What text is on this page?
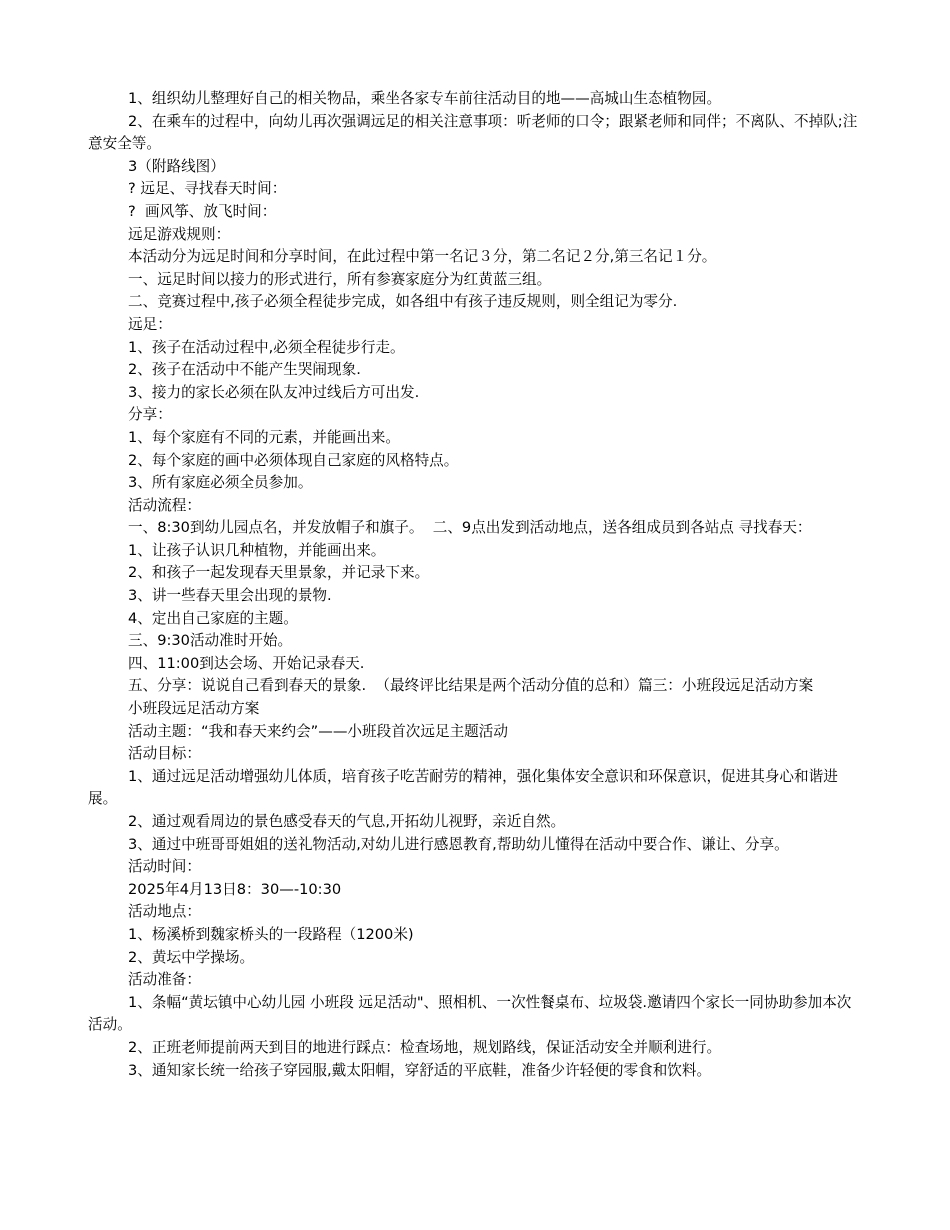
1、组织幼儿整理好自己的相关物品，乘坐各家专车前往活动目的地——高城山生态植物园。

2、在乘车的过程中，向幼儿再次强调远足的相关注意事项：听老师的口令；跟紧老师和同伴；不离队、不掉队;注意安全等。

3（附路线图）

? 远足、寻找春天时间：

?  画风筝、放飞时间：

远足游戏规则：

本活动分为远足时间和分享时间，在此过程中第一名记３分，第二名记２分,第三名记１分。

一、远足时间以接力的形式进行，所有参赛家庭分为红黄蓝三组。

二、竞赛过程中,孩子必须全程徒步完成，如各组中有孩子违反规则，则全组记为零分.

远足：

1、孩子在活动过程中,必须全程徒步行走。

2、孩子在活动中不能产生哭闹现象.

3、接力的家长必须在队友冲过线后方可出发.

分享：

1、每个家庭有不同的元素，并能画出来。

2、每个家庭的画中必须体现自己家庭的风格特点。

3、所有家庭必须全员参加。

活动流程：

一、8:30到幼儿园点名，并发放帽子和旗子。  二、9点出发到活动地点，送各组成员到各站点 寻找春天：

1、让孩子认识几种植物，并能画出来。

2、和孩子一起发现春天里景象，并记录下来。

3、讲一些春天里会出现的景物.

4、定出自己家庭的主题。

三、9:30活动准时开始。

四、11:00到达会场、开始记录春天.

五、分享：说说自己看到春天的景象.  （最终评比结果是两个活动分值的总和）篇三：小班段远足活动方案

小班段远足活动方案

活动主题：“我和春天来约会”——小班段首次远足主题活动

活动目标：

1、通过远足活动增强幼儿体质，培育孩子吃苦耐劳的精神，强化集体安全意识和环保意识，促进其身心和谐进展。

2、通过观看周边的景色感受春天的气息,开拓幼儿视野，亲近自然。

3、通过中班哥哥姐姐的送礼物活动,对幼儿进行感恩教育,帮助幼儿懂得在活动中要合作、谦让、分享。

活动时间：

2025年4月13日8：30—-10:30

活动地点：

1、杨溪桥到魏家桥头的一段路程（1200米)

2、黄坛中学操场。

活动准备：

1、条幅“黄坛镇中心幼儿园 小班段 远足活动"、照相机、一次性餐桌布、垃圾袋.邀请四个家长一同协助参加本次活动。

2、正班老师提前两天到目的地进行踩点：检查场地，规划路线，保证活动安全并顺利进行。

3、通知家长统一给孩子穿园服,戴太阳帽，穿舒适的平底鞋，准备少许轻便的零食和饮料。
